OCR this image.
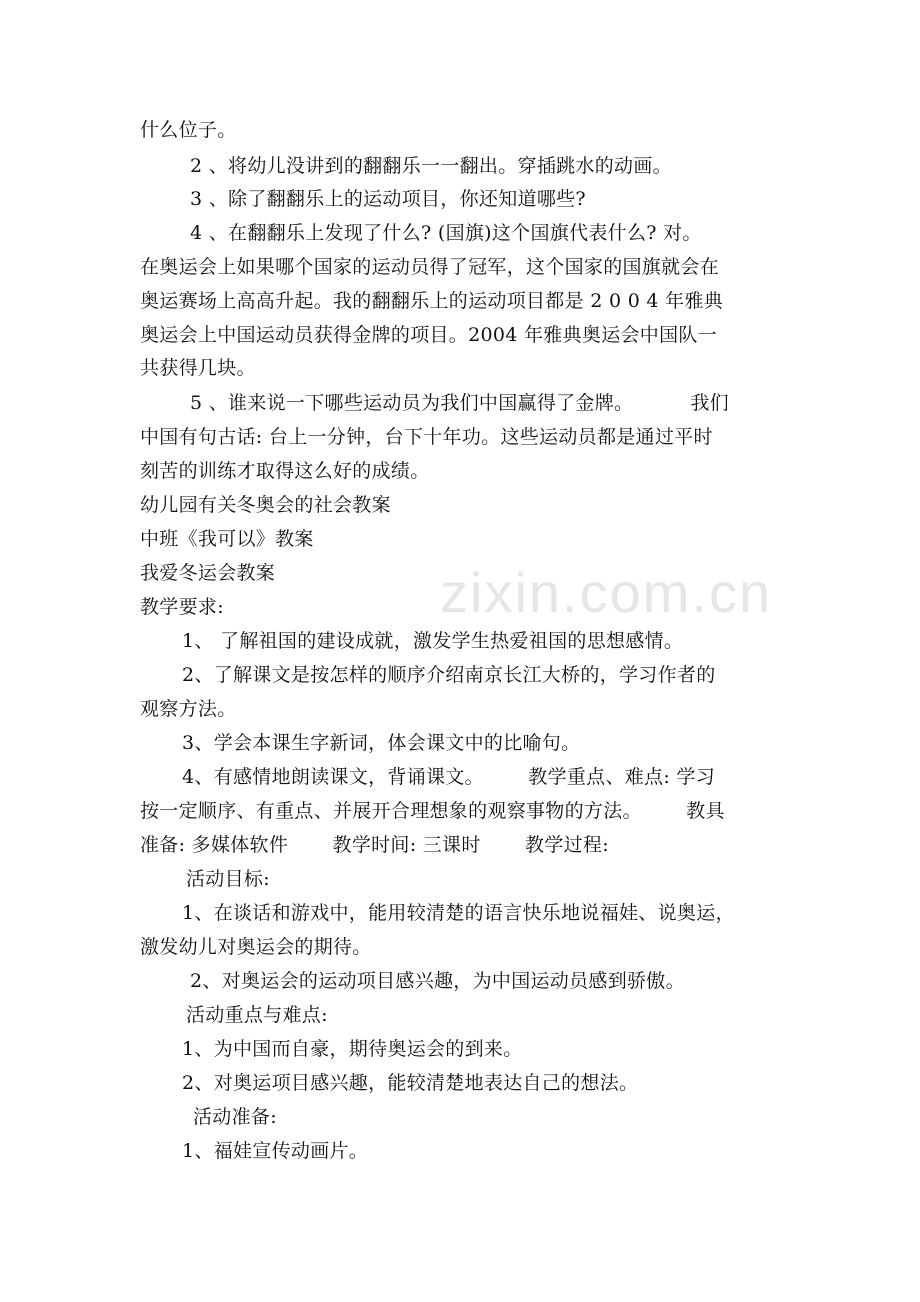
zixin.com.cn
什么位子。
2 、将幼儿没讲到的翻翻乐一一翻出。穿插跳水的动画。
3 、除了翻翻乐上的运动项目，你还知道哪些?
4 、在翻翻乐上发现了什么? (国旗)这个国旗代表什么? 对。
在奥运会上如果哪个国家的运动员得了冠军，这个国家的国旗就会在
奥运赛场上高高升起。我的翻翻乐上的运动项目都是 2 0 0 4 年雅典
奥运会上中国运动员获得金牌的项目。2004 年雅典奥运会中国队一
共获得几块。
5 、谁来说一下哪些运动员为我们中国赢得了金牌。         我们
中国有句古话: 台上一分钟，台下十年功。这些运动员都是通过平时
刻苦的训练才取得这么好的成绩。
幼儿园有关冬奥会的社会教案
中班《我可以》教案
我爱冬运会教案
教学要求:
1、 了解祖国的建设成就，激发学生热爱祖国的思想感情。
2、了解课文是按怎样的顺序介绍南京长江大桥的，学习作者的
观察方法。
3、学会本课生字新词，体会课文中的比喻句。
4、有感情地朗读课文，背诵课文。       教学重点、难点: 学习
按一定顺序、有重点、并展开合理想象的观察事物的方法。       教具
准备: 多媒体软件       教学时间: 三课时       教学过程:
活动目标:
1、在谈话和游戏中，能用较清楚的语言快乐地说福娃、说奥运，
激发幼儿对奥运会的期待。
2、对奥运会的运动项目感兴趣，为中国运动员感到骄傲。
活动重点与难点:
1、为中国而自豪，期待奥运会的到来。
2、对奥运项目感兴趣，能较清楚地表达自己的想法。
活动准备:
1、福娃宣传动画片。
